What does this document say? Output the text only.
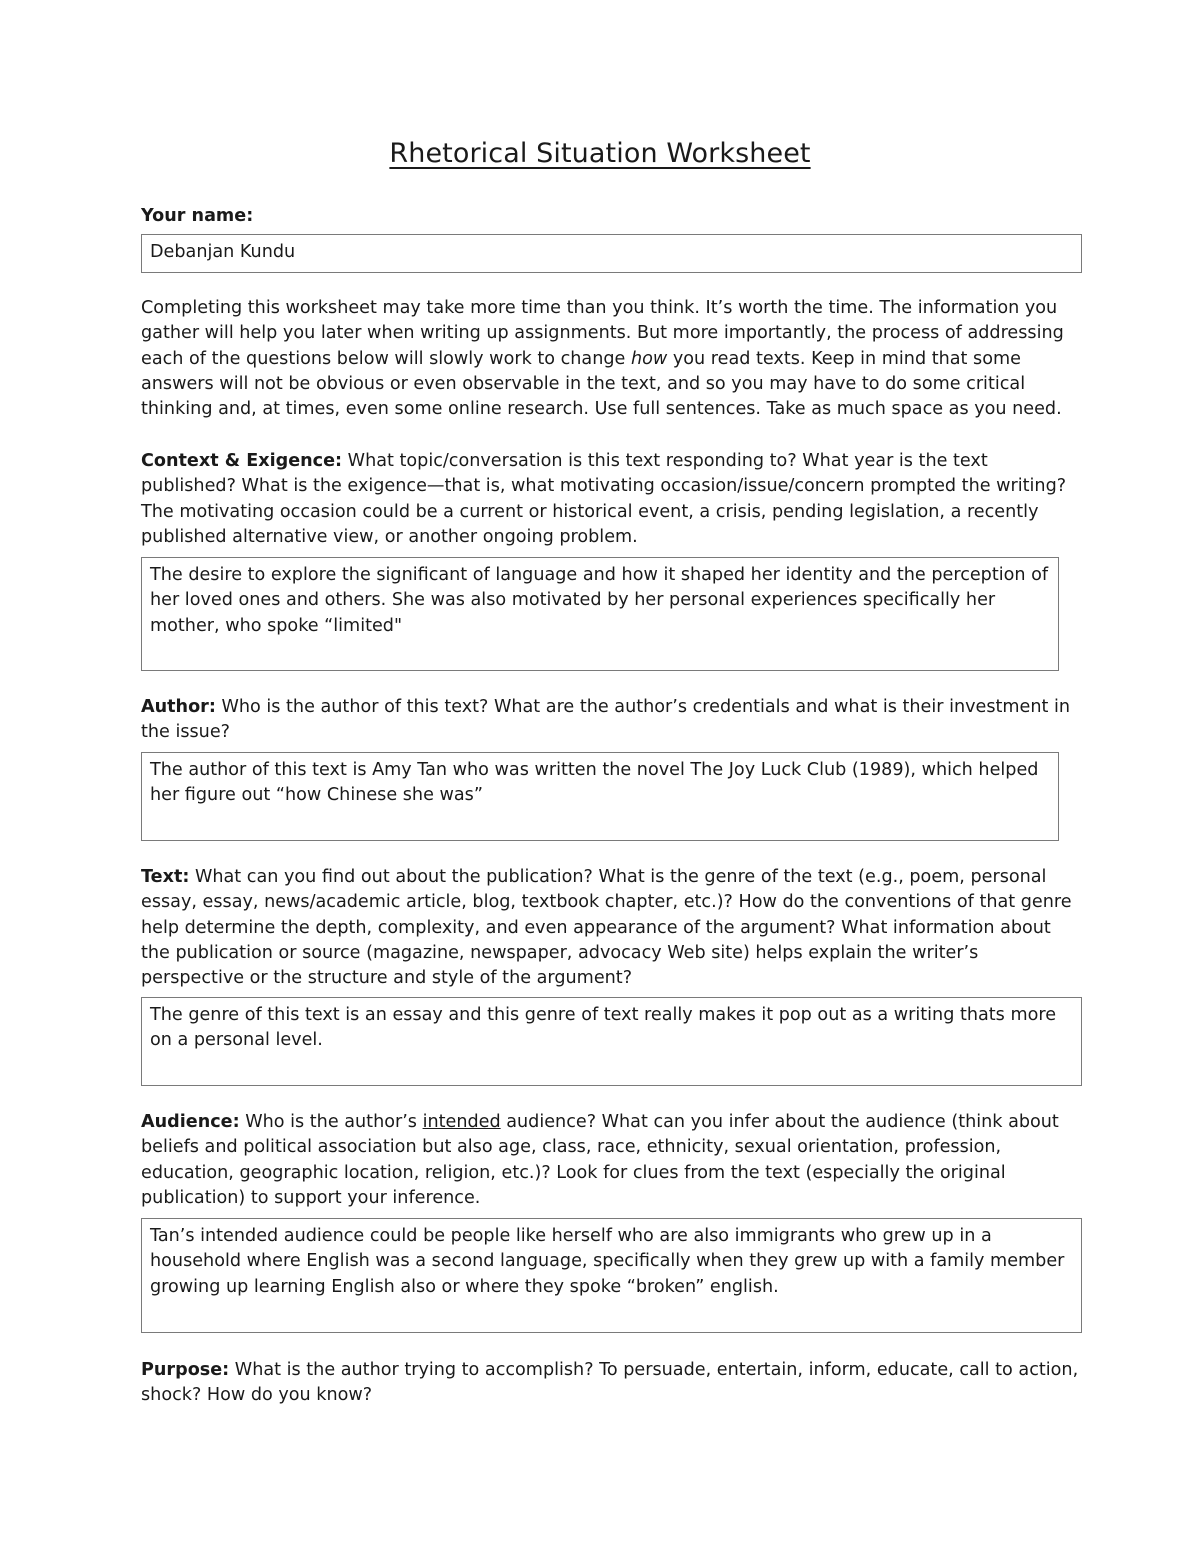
Rhetorical Situation Worksheet
Your name:
Debanjan Kundu

Completing this worksheet may take more time than you think. It’s worth the time. The information you gather will help you later when writing up assignments. But more importantly, the process of addressing each of the questions below will slowly work to change how you read texts. Keep in mind that some answers will not be obvious or even observable in the text, and so you may have to do some critical thinking and, at times, even some online research. Use full sentences. Take as much space as you need.

Context & Exigence: What topic/conversation is this text responding to? What year is the text published? What is the exigence—that is, what motivating occasion/issue/concern prompted the writing? The motivating occasion could be a current or historical event, a crisis, pending legislation, a recently published alternative view, or another ongoing problem.

The desire to explore the significant of language and how it shaped her identity and the perception of her loved ones and others. She was also motivated by her personal experiences specifically her mother, who spoke “limited"

Author: Who is the author of this text? What are the author’s credentials and what is their investment in the issue?

The author of this text is Amy Tan who was written the novel The Joy Luck Club (1989), which helped her figure out “how Chinese she was”

Text: What can you find out about the publication? What is the genre of the text (e.g., poem, personal essay, essay, news/academic article, blog, textbook chapter, etc.)? How do the conventions of that genre help determine the depth, complexity, and even appearance of the argument? What information about the publication or source (magazine, newspaper, advocacy Web site) helps explain the writer’s perspective or the structure and style of the argument?

The genre of this text is an essay and this genre of text really makes it pop out as a writing thats more on a personal level.

Audience: Who is the author’s intended audience? What can you infer about the audience (think about beliefs and political association but also age, class, race, ethnicity, sexual orientation, profession, education, geographic location, religion, etc.)? Look for clues from the text (especially the original publication) to support your inference.

Tan’s intended audience could be people like herself who are also immigrants who grew up in a household where English was a second language, specifically when they grew up with a family member growing up learning English also or where they spoke “broken” english.

Purpose: What is the author trying to accomplish? To persuade, entertain, inform, educate, call to action, shock? How do you know?
